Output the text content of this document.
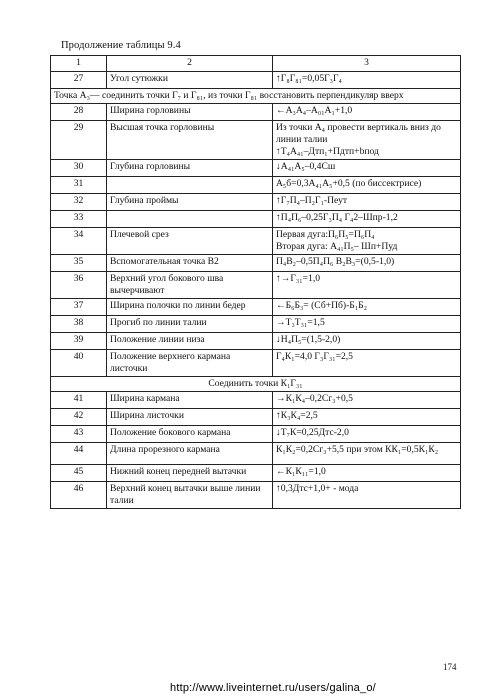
Продолжение таблицы 9.4
1	2	3
27	Угол сутюжки	↑Г₈Г₈₁=0,05Г₃Г₄
Точка А₃— соединить точки Г₇ и Г₈₁, из точки Г₈₁ восстановить перпендикуляр вверх		
28	Ширина горловины	←А₃А₄–А₀₁А₁+1,0
29	Высшая точка горловины	Из точки А₄ провести вертикаль вниз до линии талии
↑Т₄А₄₁–Дтп₁+Пдтп+bпод
30	Глубина горловины	↓А₄₁А₅–0,4Сш
31		А₅б=0,3А₄₁А₅+0,5 (по биссектрисе)
32	Глубина проймы	↑Г₇П₄–П₂Г₁-Пеут
33		↑П₄П₆–0,25Г₃П₄ Г₄2–Шпр-1,2
34	Плечевой срез	Первая дуга:П₆П₅=П₆П₄
Вторая дуга: А₄₁П₅– Шп+Пуд
35	Вспомогательная точка В2	П₄В₂–0,5П₄П₆ В₂В₃=(0,5-1,0)
36	Верхний угол бокового шва вычерчивают	↑→Г₃₁=1,0
37	Ширина полочки по линии бедер	←Б₆Б₃= (Сб+Пб)-Б₁Б₂
38	Прогиб по линии талии	→Т₃Т₃₁=1,5
39	Положение линии низа	↓Н₄П₅=(1,5-2,0)
40	Положение верхнего кармана листочки	Г₄К₁=4,0 Г₃Г₃₁=2,5
Соединить точки К₁Г₃₁		
41	Ширина кармана	→К₁К₄–0,2Сг₃+0,5
42	Ширина листочки	↑К₃К₄=2,5
43	Положение бокового кармана	↓Т₇К=0,25Дтс-2,0
44	Длина прорезного кармана	К₁К₂=0,2Сг₃+5,5 при этом КК₁=0,5К₁К₂
45	Нижний конец передней вытачки	←К₁К₁₁=1,0
46	Верхний конец вытачки выше линии талии	↑0,3Дтс+1,0+ - мода
174
http://www.liveinternet.ru/users/galina_o/
